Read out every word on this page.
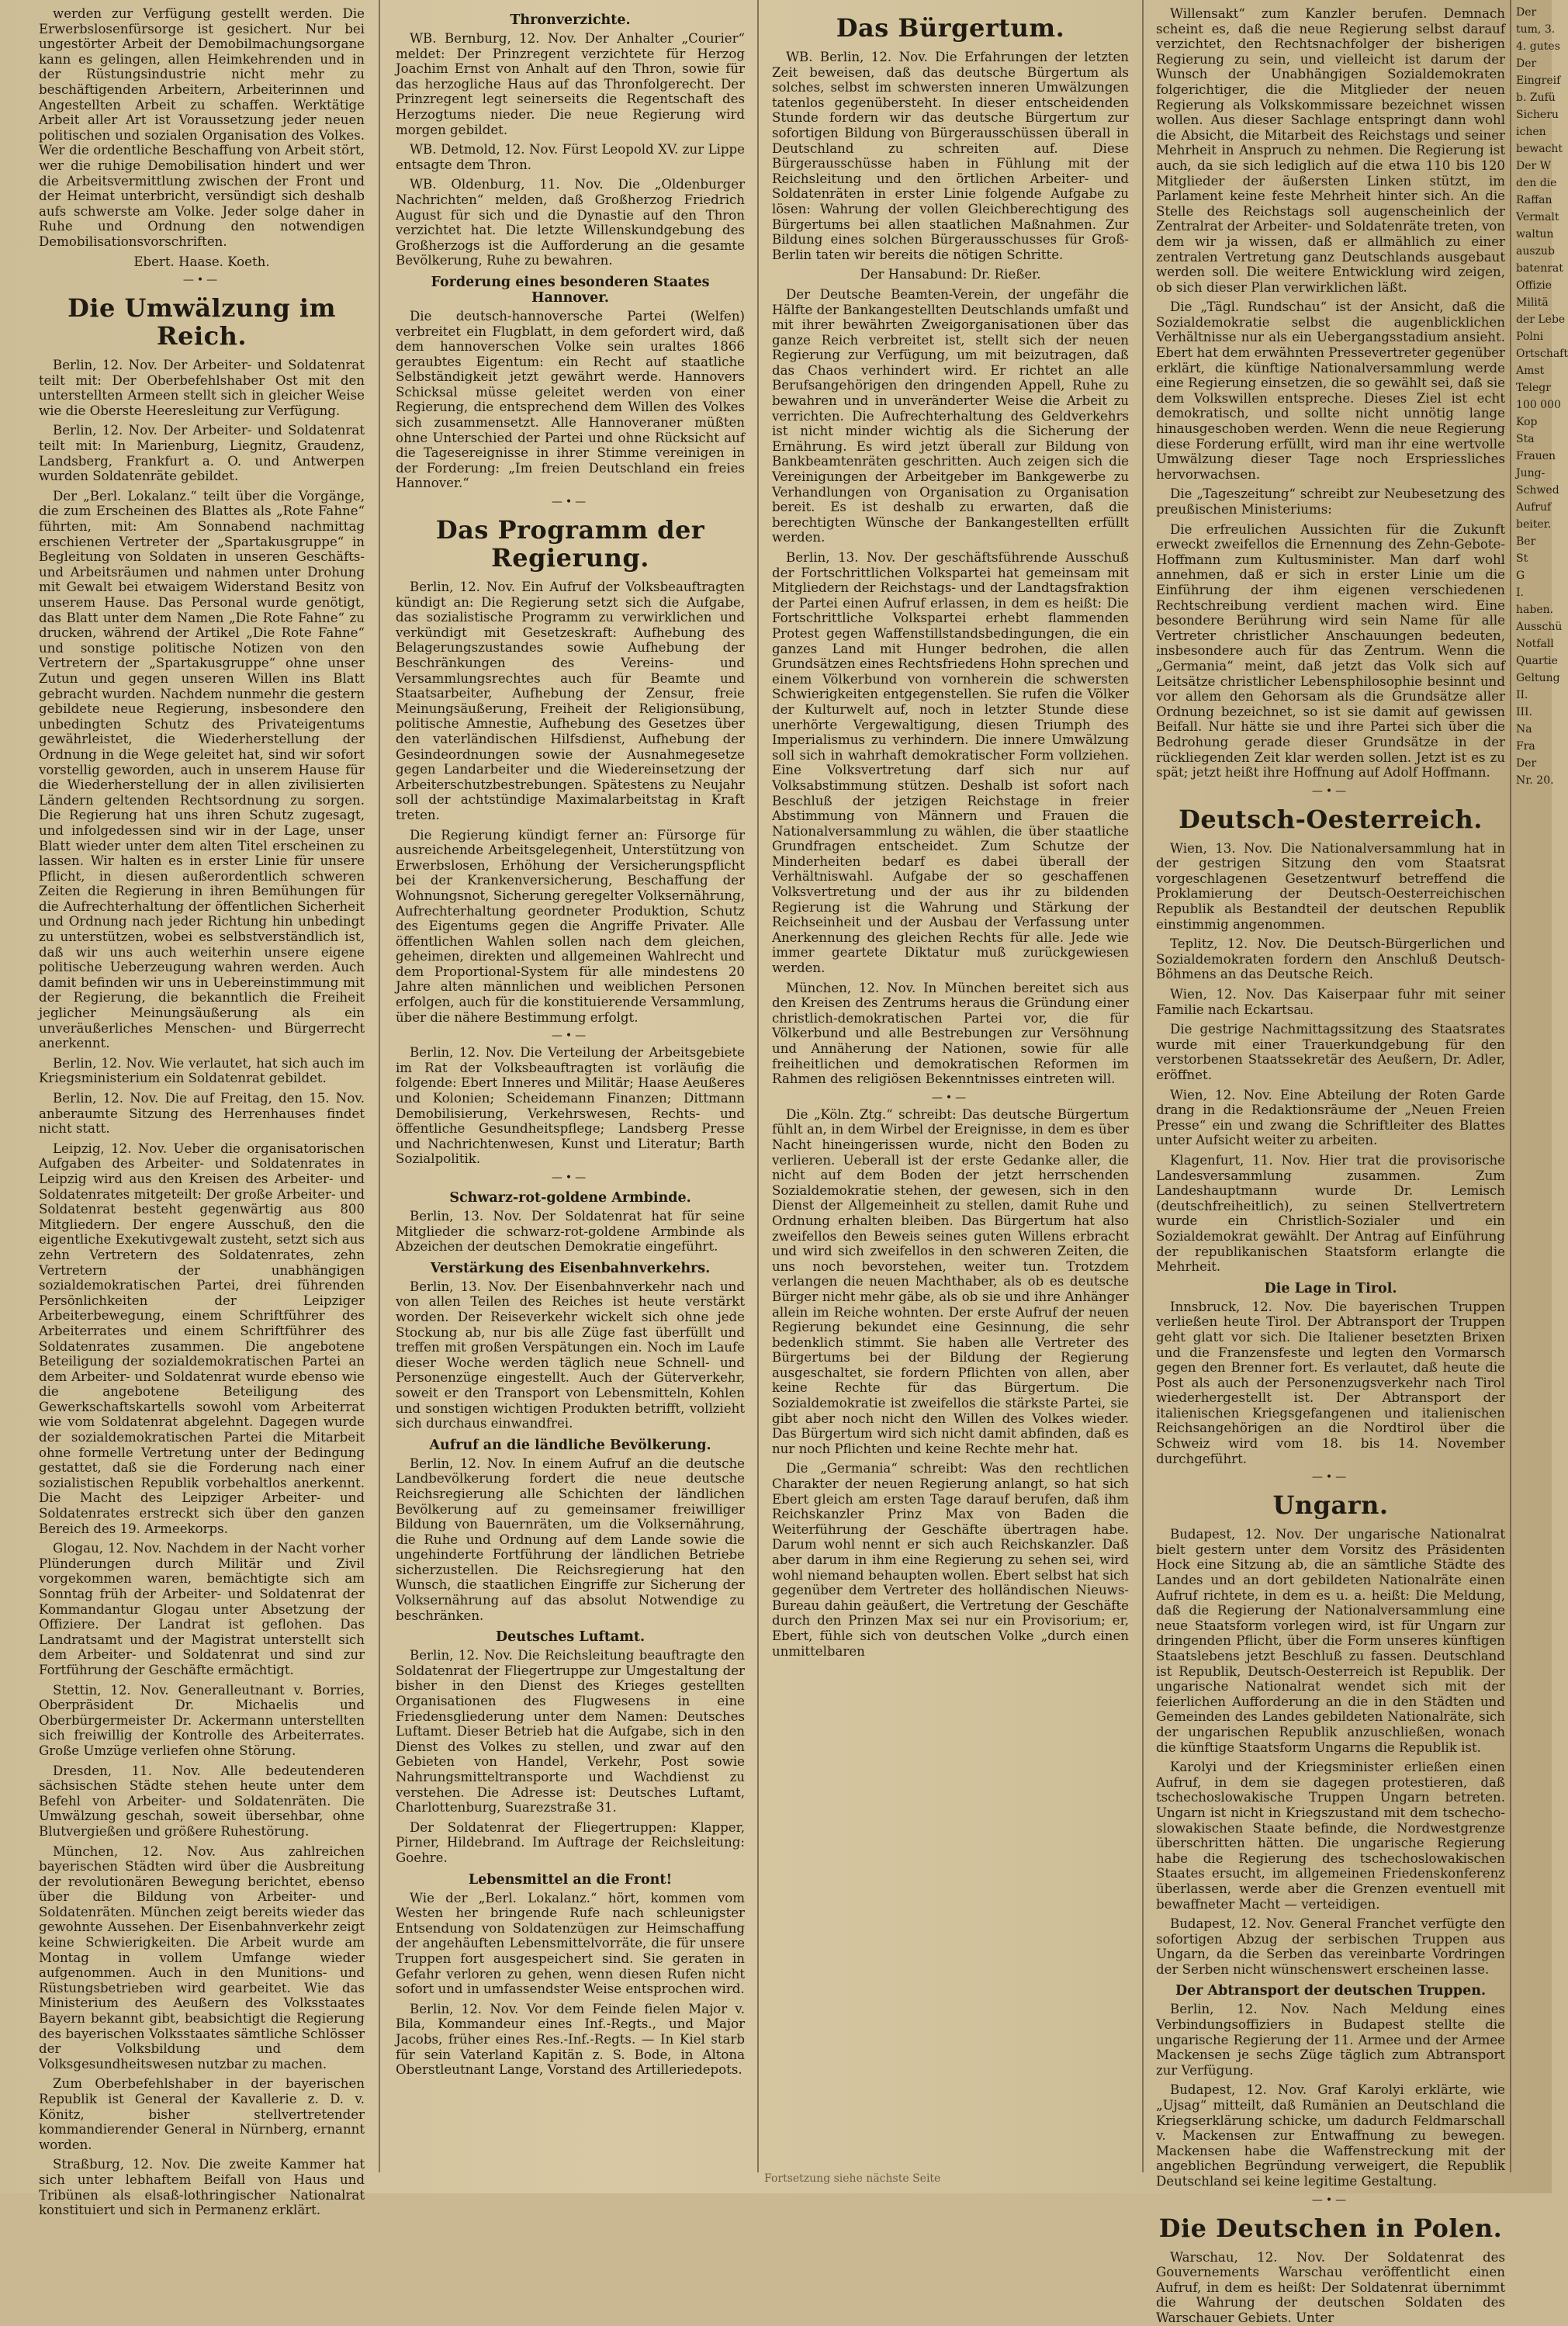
werden zur Verfügung gestellt werden. Die Erwerbslosenfürsorge ist gesichert. Nur bei ungestörter Arbeit der Demobilmachungsorgane kann es gelingen, allen Heimkehrenden und in der Rüstungsindustrie nicht mehr zu beschäftigenden Arbeitern, Arbeiterinnen und Angestellten Arbeit zu schaffen. Werktätige Arbeit aller Art ist Voraussetzung jeder neuen politischen und sozialen Organisation des Volkes. Wer die ordentliche Beschaffung von Arbeit stört, wer die ruhige Demobilisation hindert und wer die Arbeitsvermittlung zwischen der Front und der Heimat unterbricht, versündigt sich deshalb aufs schwerste am Volke. Jeder solge daher in Ruhe und Ordnung den notwendigen Demobilisationsvorschriften.

Ebert. Haase. Koeth.

—•—
Die Umwälzung im Reich.

Berlin, 12. Nov. Der Arbeiter- und Soldatenrat teilt mit: Der Oberbefehlshaber Ost mit den unterstellten Armeen stellt sich in gleicher Weise wie die Oberste Heeresleitung zur Verfügung.

Berlin, 12. Nov. Der Arbeiter- und Soldatenrat teilt mit: In Marienburg, Liegnitz, Graudenz, Landsberg, Frankfurt a. O. und Antwerpen wurden Soldatenräte gebildet.

Der „Berl. Lokalanz.“ teilt über die Vorgänge, die zum Erscheinen des Blattes als „Rote Fahne“ führten, mit: Am Sonnabend nachmittag erschienen Vertreter der „Spartakusgruppe“ in Begleitung von Soldaten in unseren Geschäfts- und Arbeitsräumen und nahmen unter Drohung mit Gewalt bei etwaigem Widerstand Besitz von unserem Hause. Das Personal wurde genötigt, das Blatt unter dem Namen „Die Rote Fahne“ zu drucken, während der Artikel „Die Rote Fahne“ und sonstige politische Notizen von den Vertretern der „Spartakusgruppe“ ohne unser Zutun und gegen unseren Willen ins Blatt gebracht wurden. Nachdem nunmehr die gestern gebildete neue Regierung, insbesondere den unbedingten Schutz des Privateigentums gewährleistet, die Wiederherstellung der Ordnung in die Wege geleitet hat, sind wir sofort vorstellig geworden, auch in unserem Hause für die Wiederherstellung der in allen zivilisierten Ländern geltenden Rechtsordnung zu sorgen. Die Regierung hat uns ihren Schutz zugesagt, und infolgedessen sind wir in der Lage, unser Blatt wieder unter dem alten Titel erscheinen zu lassen. Wir halten es in erster Linie für unsere Pflicht, in diesen außerordentlich schweren Zeiten die Regierung in ihren Bemühungen für die Aufrechterhaltung der öffentlichen Sicherheit und Ordnung nach jeder Richtung hin unbedingt zu unterstützen, wobei es selbstverständlich ist, daß wir uns auch weiterhin unsere eigene politische Ueberzeugung wahren werden. Auch damit befinden wir uns in Uebereinstimmung mit der Regierung, die bekanntlich die Freiheit jeglicher Meinungsäußerung als ein unveräußerliches Menschen- und Bürgerrecht anerkennt.

Berlin, 12. Nov. Wie verlautet, hat sich auch im Kriegsministerium ein Soldatenrat gebildet.

Berlin, 12. Nov. Die auf Freitag, den 15. Nov. anberaumte Sitzung des Herrenhauses findet nicht statt.

Leipzig, 12. Nov. Ueber die organisatorischen Aufgaben des Arbeiter- und Soldatenrates in Leipzig wird aus den Kreisen des Arbeiter- und Soldatenrates mitgeteilt: Der große Arbeiter- und Soldatenrat besteht gegenwärtig aus 800 Mitgliedern. Der engere Ausschuß, den die eigentliche Exekutivgewalt zusteht, setzt sich aus zehn Vertretern des Soldatenrates, zehn Vertretern der unabhängigen sozialdemokratischen Partei, drei führenden Persönlichkeiten der Leipziger Arbeiterbewegung, einem Schriftführer des Arbeiterrates und einem Schriftführer des Soldatenrates zusammen. Die angebotene Beteiligung der sozialdemokratischen Partei an dem Arbeiter- und Soldatenrat wurde ebenso wie die angebotene Beteiligung des Gewerkschaftskartells sowohl vom Arbeiterrat wie vom Soldatenrat abgelehnt. Dagegen wurde der sozialdemokratischen Partei die Mitarbeit ohne formelle Vertretung unter der Bedingung gestattet, daß sie die Forderung nach einer sozialistischen Republik vorbehaltlos anerkennt. Die Macht des Leipziger Arbeiter- und Soldatenrates erstreckt sich über den ganzen Bereich des 19. Armeekorps.

Glogau, 12. Nov. Nachdem in der Nacht vorher Plünderungen durch Militär und Zivil vorgekommen waren, bemächtigte sich am Sonntag früh der Arbeiter- und Soldatenrat der Kommandantur Glogau unter Absetzung der Offiziere. Der Landrat ist geflohen. Das Landratsamt und der Magistrat unterstellt sich dem Arbeiter- und Soldatenrat und sind zur Fortführung der Geschäfte ermächtigt.

Stettin, 12. Nov. Generalleutnant v. Borries, Oberpräsident Dr. Michaelis und Oberbürgermeister Dr. Ackermann unterstellten sich freiwillig der Kontrolle des Arbeiterrates. Große Umzüge verliefen ohne Störung.

Dresden, 11. Nov. Alle bedeutenderen sächsischen Städte stehen heute unter dem Befehl von Arbeiter- und Soldatenräten. Die Umwälzung geschah, soweit übersehbar, ohne Blutvergießen und größere Ruhestörung.

München, 12. Nov. Aus zahlreichen bayerischen Städten wird über die Ausbreitung der revolutionären Bewegung berichtet, ebenso über die Bildung von Arbeiter- und Soldatenräten. München zeigt bereits wieder das gewohnte Aussehen. Der Eisenbahnverkehr zeigt keine Schwierigkeiten. Die Arbeit wurde am Montag in vollem Umfange wieder aufgenommen. Auch in den Munitions- und Rüstungsbetrieben wird gearbeitet. Wie das Ministerium des Aeußern des Volksstaates Bayern bekannt gibt, beabsichtigt die Regierung des bayerischen Volksstaates sämtliche Schlösser der Volksbildung und dem Volksgesundheitswesen nutzbar zu machen.

Zum Oberbefehlshaber in der bayerischen Republik ist General der Kavallerie z. D. v. Könitz, bisher stellvertretender kommandierender General in Nürnberg, ernannt worden.

Straßburg, 12. Nov. Die zweite Kammer hat sich unter lebhaftem Beifall von Haus und Tribünen als elsaß-lothringischer Nationalrat konstituiert und sich in Permanenz erklärt.

Thronverzichte.

WB. Bernburg, 12. Nov. Der Anhalter „Courier“ meldet: Der Prinzregent verzichtete für Herzog Joachim Ernst von Anhalt auf den Thron, sowie für das herzogliche Haus auf das Thronfolgerecht. Der Prinzregent legt seinerseits die Regentschaft des Herzogtums nieder. Die neue Regierung wird morgen gebildet.

WB. Detmold, 12. Nov. Fürst Leopold XV. zur Lippe entsagte dem Thron.

WB. Oldenburg, 11. Nov. Die „Oldenburger Nachrichten“ melden, daß Großherzog Friedrich August für sich und die Dynastie auf den Thron verzichtet hat. Die letzte Willenskundgebung des Großherzogs ist die Aufforderung an die gesamte Bevölkerung, Ruhe zu bewahren.

Forderung eines besonderen Staates Hannover.

Die deutsch-hannoversche Partei (Welfen) verbreitet ein Flugblatt, in dem gefordert wird, daß dem hannoverschen Volke sein uraltes 1866 geraubtes Eigentum: ein Recht auf staatliche Selbständigkeit jetzt gewährt werde. Hannovers Schicksal müsse geleitet werden von einer Regierung, die entsprechend dem Willen des Volkes sich zusammensetzt. Alle Hannoveraner müßten ohne Unterschied der Partei und ohne Rücksicht auf die Tagesereignisse in ihrer Stimme vereinigen in der Forderung: „Im freien Deutschland ein freies Hannover.“

—•—
Das Programm der Regierung.

Berlin, 12. Nov. Ein Aufruf der Volksbeauftragten kündigt an: Die Regierung setzt sich die Aufgabe, das sozialistische Programm zu verwirklichen und verkündigt mit Gesetzeskraft: Aufhebung des Belagerungszustandes sowie Aufhebung der Beschränkungen des Vereins- und Versammlungsrechtes auch für Beamte und Staatsarbeiter, Aufhebung der Zensur, freie Meinungsäußerung, Freiheit der Religionsübung, politische Amnestie, Aufhebung des Gesetzes über den vaterländischen Hilfsdienst, Aufhebung der Gesindeordnungen sowie der Ausnahmegesetze gegen Landarbeiter und die Wiedereinsetzung der Arbeiterschutzbestrebungen. Spätestens zu Neujahr soll der achtstündige Maximalarbeitstag in Kraft treten.

Die Regierung kündigt ferner an: Fürsorge für ausreichende Arbeitsgelegenheit, Unterstützung von Erwerbslosen, Erhöhung der Versicherungspflicht bei der Krankenversicherung, Beschaffung der Wohnungsnot, Sicherung geregelter Volksernährung, Aufrechterhaltung geordneter Produktion, Schutz des Eigentums gegen die Angriffe Privater. Alle öffentlichen Wahlen sollen nach dem gleichen, geheimen, direkten und allgemeinen Wahlrecht und dem Proportional-System für alle mindestens 20 Jahre alten männlichen und weiblichen Personen erfolgen, auch für die konstituierende Versammlung, über die nähere Bestimmung erfolgt.

—•—

Berlin, 12. Nov. Die Verteilung der Arbeitsgebiete im Rat der Volksbeauftragten ist vorläufig die folgende: Ebert Inneres und Militär; Haase Aeußeres und Kolonien; Scheidemann Finanzen; Dittmann Demobilisierung, Verkehrswesen, Rechts- und öffentliche Gesundheitspflege; Landsberg Presse und Nachrichtenwesen, Kunst und Literatur; Barth Sozialpolitik.

—•—
Schwarz-rot-goldene Armbinde.

Berlin, 13. Nov. Der Soldatenrat hat für seine Mitglieder die schwarz-rot-goldene Armbinde als Abzeichen der deutschen Demokratie eingeführt.

Verstärkung des Eisenbahnverkehrs.

Berlin, 13. Nov. Der Eisenbahnverkehr nach und von allen Teilen des Reiches ist heute verstärkt worden. Der Reiseverkehr wickelt sich ohne jede Stockung ab, nur bis alle Züge fast überfüllt und treffen mit großen Verspätungen ein. Noch im Laufe dieser Woche werden täglich neue Schnell- und Personenzüge eingestellt. Auch der Güterverkehr, soweit er den Transport von Lebensmitteln, Kohlen und sonstigen wichtigen Produkten betrifft, vollzieht sich durchaus einwandfrei.

Aufruf an die ländliche Bevölkerung.

Berlin, 12. Nov. In einem Aufruf an die deutsche Landbevölkerung fordert die neue deutsche Reichsregierung alle Schichten der ländlichen Bevölkerung auf zu gemeinsamer freiwilliger Bildung von Bauernräten, um die Volksernährung, die Ruhe und Ordnung auf dem Lande sowie die ungehinderte Fortführung der ländlichen Betriebe sicherzustellen. Die Reichsregierung hat den Wunsch, die staatlichen Eingriffe zur Sicherung der Volksernährung auf das absolut Notwendige zu beschränken.

Deutsches Luftamt.

Berlin, 12. Nov. Die Reichsleitung beauftragte den Soldatenrat der Fliegertruppe zur Umgestaltung der bisher in den Dienst des Krieges gestellten Organisationen des Flugwesens in eine Friedensgliederung unter dem Namen: Deutsches Luftamt. Dieser Betrieb hat die Aufgabe, sich in den Dienst des Volkes zu stellen, und zwar auf den Gebieten von Handel, Verkehr, Post sowie Nahrungsmitteltransporte und Wachdienst zu verstehen. Die Adresse ist: Deutsches Luftamt, Charlottenburg, Suarezstraße 31.

Der Soldatenrat der Fliegertruppen: Klapper, Pirner, Hildebrand. Im Auftrage der Reichsleitung: Goehre.

Lebensmittel an die Front!

Wie der „Berl. Lokalanz.“ hört, kommen vom Westen her bringende Rufe nach schleunigster Entsendung von Soldatenzügen zur Heimschaffung der angehäuften Lebensmittelvorräte, die für unsere Truppen fort ausgespeichert sind. Sie geraten in Gefahr verloren zu gehen, wenn diesen Rufen nicht sofort und in umfassendster Weise entsprochen wird.

Berlin, 12. Nov. Vor dem Feinde fielen Major v. Bila, Kommandeur eines Inf.-Regts., und Major Jacobs, früher eines Res.-Inf.-Regts. — In Kiel starb für sein Vaterland Kapitän z. S. Bode, in Altona Oberstleutnant Lange, Vorstand des Artilleriedepots.

Das Bürgertum.

WB. Berlin, 12. Nov. Die Erfahrungen der letzten Zeit beweisen, daß das deutsche Bürgertum als solches, selbst im schwersten inneren Umwälzungen tatenlos gegenübersteht. In dieser entscheidenden Stunde fordern wir das deutsche Bürgertum zur sofortigen Bildung von Bürgerausschüssen überall in Deutschland zu schreiten auf. Diese Bürgerausschüsse haben in Fühlung mit der Reichsleitung und den örtlichen Arbeiter- und Soldatenräten in erster Linie folgende Aufgabe zu lösen: Wahrung der vollen Gleichberechtigung des Bürgertums bei allen staatlichen Maßnahmen. Zur Bildung eines solchen Bürgerausschusses für Groß-Berlin taten wir bereits die nötigen Schritte.

Der Hansabund: Dr. Rießer.

Der Deutsche Beamten-Verein, der ungefähr die Hälfte der Bankangestellten Deutschlands umfaßt und mit ihrer bewährten Zweigorganisationen über das ganze Reich verbreitet ist, stellt sich der neuen Regierung zur Verfügung, um mit beizutragen, daß das Chaos verhindert wird. Er richtet an alle Berufsangehörigen den dringenden Appell, Ruhe zu bewahren und in unveränderter Weise die Arbeit zu verrichten. Die Aufrechterhaltung des Geldverkehrs ist nicht minder wichtig als die Sicherung der Ernährung. Es wird jetzt überall zur Bildung von Bankbeamtenräten geschritten. Auch zeigen sich die Vereinigungen der Arbeitgeber im Bankgewerbe zu Verhandlungen von Organisation zu Organisation bereit. Es ist deshalb zu erwarten, daß die berechtigten Wünsche der Bankangestellten erfüllt werden.

Berlin, 13. Nov. Der geschäftsführende Ausschuß der Fortschrittlichen Volkspartei hat gemeinsam mit Mitgliedern der Reichstags- und der Landtagsfraktion der Partei einen Aufruf erlassen, in dem es heißt: Die Fortschrittliche Volkspartei erhebt flammenden Protest gegen Waffenstillstandsbedingungen, die ein ganzes Land mit Hunger bedrohen, die allen Grundsätzen eines Rechtsfriedens Hohn sprechen und einem Völkerbund von vornherein die schwersten Schwierigkeiten entgegenstellen. Sie rufen die Völker der Kulturwelt auf, noch in letzter Stunde diese unerhörte Vergewaltigung, diesen Triumph des Imperialismus zu verhindern. Die innere Umwälzung soll sich in wahrhaft demokratischer Form vollziehen. Eine Volksvertretung darf sich nur auf Volksabstimmung stützen. Deshalb ist sofort nach Beschluß der jetzigen Reichstage in freier Abstimmung von Männern und Frauen die Nationalversammlung zu wählen, die über staatliche Grundfragen entscheidet. Zum Schutze der Minderheiten bedarf es dabei überall der Verhältniswahl. Aufgabe der so geschaffenen Volksvertretung und der aus ihr zu bildenden Regierung ist die Wahrung und Stärkung der Reichseinheit und der Ausbau der Verfassung unter Anerkennung des gleichen Rechts für alle. Jede wie immer geartete Diktatur muß zurückgewiesen werden.

München, 12. Nov. In München bereitet sich aus den Kreisen des Zentrums heraus die Gründung einer christlich-demokratischen Partei vor, die für Völkerbund und alle Bestrebungen zur Versöhnung und Annäherung der Nationen, sowie für alle freiheitlichen und demokratischen Reformen im Rahmen des religiösen Bekenntnisses eintreten will.

—•—

Die „Köln. Ztg.“ schreibt: Das deutsche Bürgertum fühlt an, in dem Wirbel der Ereignisse, in dem es über Nacht hineingerissen wurde, nicht den Boden zu verlieren. Ueberall ist der erste Gedanke aller, die nicht auf dem Boden der jetzt herrschenden Sozialdemokratie stehen, der gewesen, sich in den Dienst der Allgemeinheit zu stellen, damit Ruhe und Ordnung erhalten bleiben. Das Bürgertum hat also zweifellos den Beweis seines guten Willens erbracht und wird sich zweifellos in den schweren Zeiten, die uns noch bevorstehen, weiter tun. Trotzdem verlangen die neuen Machthaber, als ob es deutsche Bürger nicht mehr gäbe, als ob sie und ihre Anhänger allein im Reiche wohnten. Der erste Aufruf der neuen Regierung bekundet eine Gesinnung, die sehr bedenklich stimmt. Sie haben alle Vertreter des Bürgertums bei der Bildung der Regierung ausgeschaltet, sie fordern Pflichten von allen, aber keine Rechte für das Bürgertum. Die Sozialdemokratie ist zweifellos die stärkste Partei, sie gibt aber noch nicht den Willen des Volkes wieder. Das Bürgertum wird sich nicht damit abfinden, daß es nur noch Pflichten und keine Rechte mehr hat.

Die „Germania“ schreibt: Was den rechtlichen Charakter der neuen Regierung anlangt, so hat sich Ebert gleich am ersten Tage darauf berufen, daß ihm Reichskanzler Prinz Max von Baden die Weiterführung der Geschäfte übertragen habe. Darum wohl nennt er sich auch Reichskanzler. Daß aber darum in ihm eine Regierung zu sehen sei, wird wohl niemand behaupten wollen. Ebert selbst hat sich gegenüber dem Vertreter des holländischen Nieuws-Bureau dahin geäußert, die Vertretung der Geschäfte durch den Prinzen Max sei nur ein Provisorium; er, Ebert, fühle sich von deutschen Volke „durch einen unmittelbaren

Willensakt“ zum Kanzler berufen. Demnach scheint es, daß die neue Regierung selbst darauf verzichtet, den Rechtsnachfolger der bisherigen Regierung zu sein, und vielleicht ist darum der Wunsch der Unabhängigen Sozialdemokraten folgerichtiger, die die Mitglieder der neuen Regierung als Volkskommissare bezeichnet wissen wollen. Aus dieser Sachlage entspringt dann wohl die Absicht, die Mitarbeit des Reichstags und seiner Mehrheit in Anspruch zu nehmen. Die Regierung ist auch, da sie sich lediglich auf die etwa 110 bis 120 Mitglieder der äußersten Linken stützt, im Parlament keine feste Mehrheit hinter sich. An die Stelle des Reichstags soll augenscheinlich der Zentralrat der Arbeiter- und Soldatenräte treten, von dem wir ja wissen, daß er allmählich zu einer zentralen Vertretung ganz Deutschlands ausgebaut werden soll. Die weitere Entwicklung wird zeigen, ob sich dieser Plan verwirklichen läßt.

Die „Tägl. Rundschau“ ist der Ansicht, daß die Sozialdemokratie selbst die augenblicklichen Verhältnisse nur als ein Uebergangsstadium ansieht. Ebert hat dem erwähnten Pressevertreter gegenüber erklärt, die künftige Nationalversammlung werde eine Regierung einsetzen, die so gewählt sei, daß sie dem Volkswillen entspreche. Dieses Ziel ist echt demokratisch, und sollte nicht unnötig lange hinausgeschoben werden. Wenn die neue Regierung diese Forderung erfüllt, wird man ihr eine wertvolle Umwälzung dieser Tage noch Erspriessliches hervorwachsen.

Die „Tageszeitung“ schreibt zur Neubesetzung des preußischen Ministeriums:

Die erfreulichen Aussichten für die Zukunft erweckt zweifellos die Ernennung des Zehn-Gebote-Hoffmann zum Kultusminister. Man darf wohl annehmen, daß er sich in erster Linie um die Einführung der ihm eigenen verschiedenen Rechtschreibung verdient machen wird. Eine besondere Berührung wird sein Name für alle Vertreter christlicher Anschauungen bedeuten, insbesondere auch für das Zentrum. Wenn die „Germania“ meint, daß jetzt das Volk sich auf Leitsätze christlicher Lebensphilosophie besinnt und vor allem den Gehorsam als die Grundsätze aller Ordnung bezeichnet, so ist sie damit auf gewissen Beifall. Nur hätte sie und ihre Partei sich über die Bedrohung gerade dieser Grundsätze in der rückliegenden Zeit klar werden sollen. Jetzt ist es zu spät; jetzt heißt ihre Hoffnung auf Adolf Hoffmann.

—•—
Deutsch-Oesterreich.

Wien, 13. Nov. Die Nationalversammlung hat in der gestrigen Sitzung den vom Staatsrat vorgeschlagenen Gesetzentwurf betreffend die Proklamierung der Deutsch-Oesterreichischen Republik als Bestandteil der deutschen Republik einstimmig angenommen.

Teplitz, 12. Nov. Die Deutsch-Bürgerlichen und Sozialdemokraten fordern den Anschluß Deutsch-Böhmens an das Deutsche Reich.

Wien, 12. Nov. Das Kaiserpaar fuhr mit seiner Familie nach Eckartsau.

Die gestrige Nachmittagssitzung des Staatsrates wurde mit einer Trauerkundgebung für den verstorbenen Staatssekretär des Aeußern, Dr. Adler, eröffnet.

Wien, 12. Nov. Eine Abteilung der Roten Garde drang in die Redaktionsräume der „Neuen Freien Presse“ ein und zwang die Schriftleiter des Blattes unter Aufsicht weiter zu arbeiten.

Klagenfurt, 11. Nov. Hier trat die provisorische Landesversammlung zusammen. Zum Landeshauptmann wurde Dr. Lemisch (deutschfreiheitlich), zu seinen Stellvertretern wurde ein Christlich-Sozialer und ein Sozialdemokrat gewählt. Der Antrag auf Einführung der republikanischen Staatsform erlangte die Mehrheit.

Die Lage in Tirol.

Innsbruck, 12. Nov. Die bayerischen Truppen verließen heute Tirol. Der Abtransport der Truppen geht glatt vor sich. Die Italiener besetzten Brixen und die Franzensfeste und legten den Vormarsch gegen den Brenner fort. Es verlautet, daß heute die Post als auch der Personenzugsverkehr nach Tirol wiederhergestellt ist. Der Abtransport der italienischen Kriegsgefangenen und italienischen Reichsangehörigen an die Nordtirol über die Schweiz wird vom 18. bis 14. November durchgeführt.

—•—
Ungarn.

Budapest, 12. Nov. Der ungarische Nationalrat bielt gestern unter dem Vorsitz des Präsidenten Hock eine Sitzung ab, die an sämtliche Städte des Landes und an dort gebildeten Nationalräte einen Aufruf richtete, in dem es u. a. heißt: Die Meldung, daß die Regierung der Nationalversammlung eine neue Staatsform vorlegen wird, ist für Ungarn zur dringenden Pflicht, über die Form unseres künftigen Staatslebens jetzt Beschluß zu fassen. Deutschland ist Republik, Deutsch-Oesterreich ist Republik. Der ungarische Nationalrat wendet sich mit der feierlichen Aufforderung an die in den Städten und Gemeinden des Landes gebildeten Nationalräte, sich der ungarischen Republik anzuschließen, wonach die künftige Staatsform Ungarns die Republik ist.

Karolyi und der Kriegsminister erließen einen Aufruf, in dem sie dagegen protestieren, daß tschechoslowakische Truppen Ungarn betreten. Ungarn ist nicht in Kriegszustand mit dem tschecho-slowakischen Staate befinde, die Nordwestgrenze überschritten hätten. Die ungarische Regierung habe die Regierung des tschechoslowakischen Staates ersucht, im allgemeinen Friedenskonferenz überlassen, werde aber die Grenzen eventuell mit bewaffneter Macht — verteidigen.

Budapest, 12. Nov. General Franchet verfügte den sofortigen Abzug der serbischen Truppen aus Ungarn, da die Serben das vereinbarte Vordringen der Serben nicht wünschenswert erscheinen lasse.

Der Abtransport der deutschen Truppen.

Berlin, 12. Nov. Nach Meldung eines Verbindungsoffiziers in Budapest stellte die ungarische Regierung der 11. Armee und der Armee Mackensen je sechs Züge täglich zum Abtransport zur Verfügung.

Budapest, 12. Nov. Graf Karolyi erklärte, wie „Ujsag“ mitteilt, daß Rumänien an Deutschland die Kriegserklärung schicke, um dadurch Feldmarschall v. Mackensen zur Entwaffnung zu bewegen. Mackensen habe die Waffenstreckung mit der angeblichen Begründung verweigert, die Republik Deutschland sei keine legitime Gestaltung.

—•—
Die Deutschen in Polen.

Warschau, 12. Nov. Der Soldatenrat des Gouvernements Warschau veröffentlicht einen Aufruf, in dem es heißt: Der Soldatenrat übernimmt die Wahrung der deutschen Soldaten des Warschauer Gebiets. Unter

Der

tum, 3.

4. gutes

Der

Eingreif

b. Zufü

Sicheru

ichen

bewacht

Der W

den die

Raffan

Vermalt

waltun

auszub

batenrat

Offizie

Militä

der Lebe

Polni

Ortschaft

Amst

Telegr

100 000

Kop

Sta

Frauen

Jung-

Schwed

Aufruf

beiter.

Ber

St

G

I.

haben.

Ausschü

Notfall

Quartie

Geltung

II.

III.

Na

Fra

Der

Nr. 20.

Fortsetzung siehe nächste Seite
